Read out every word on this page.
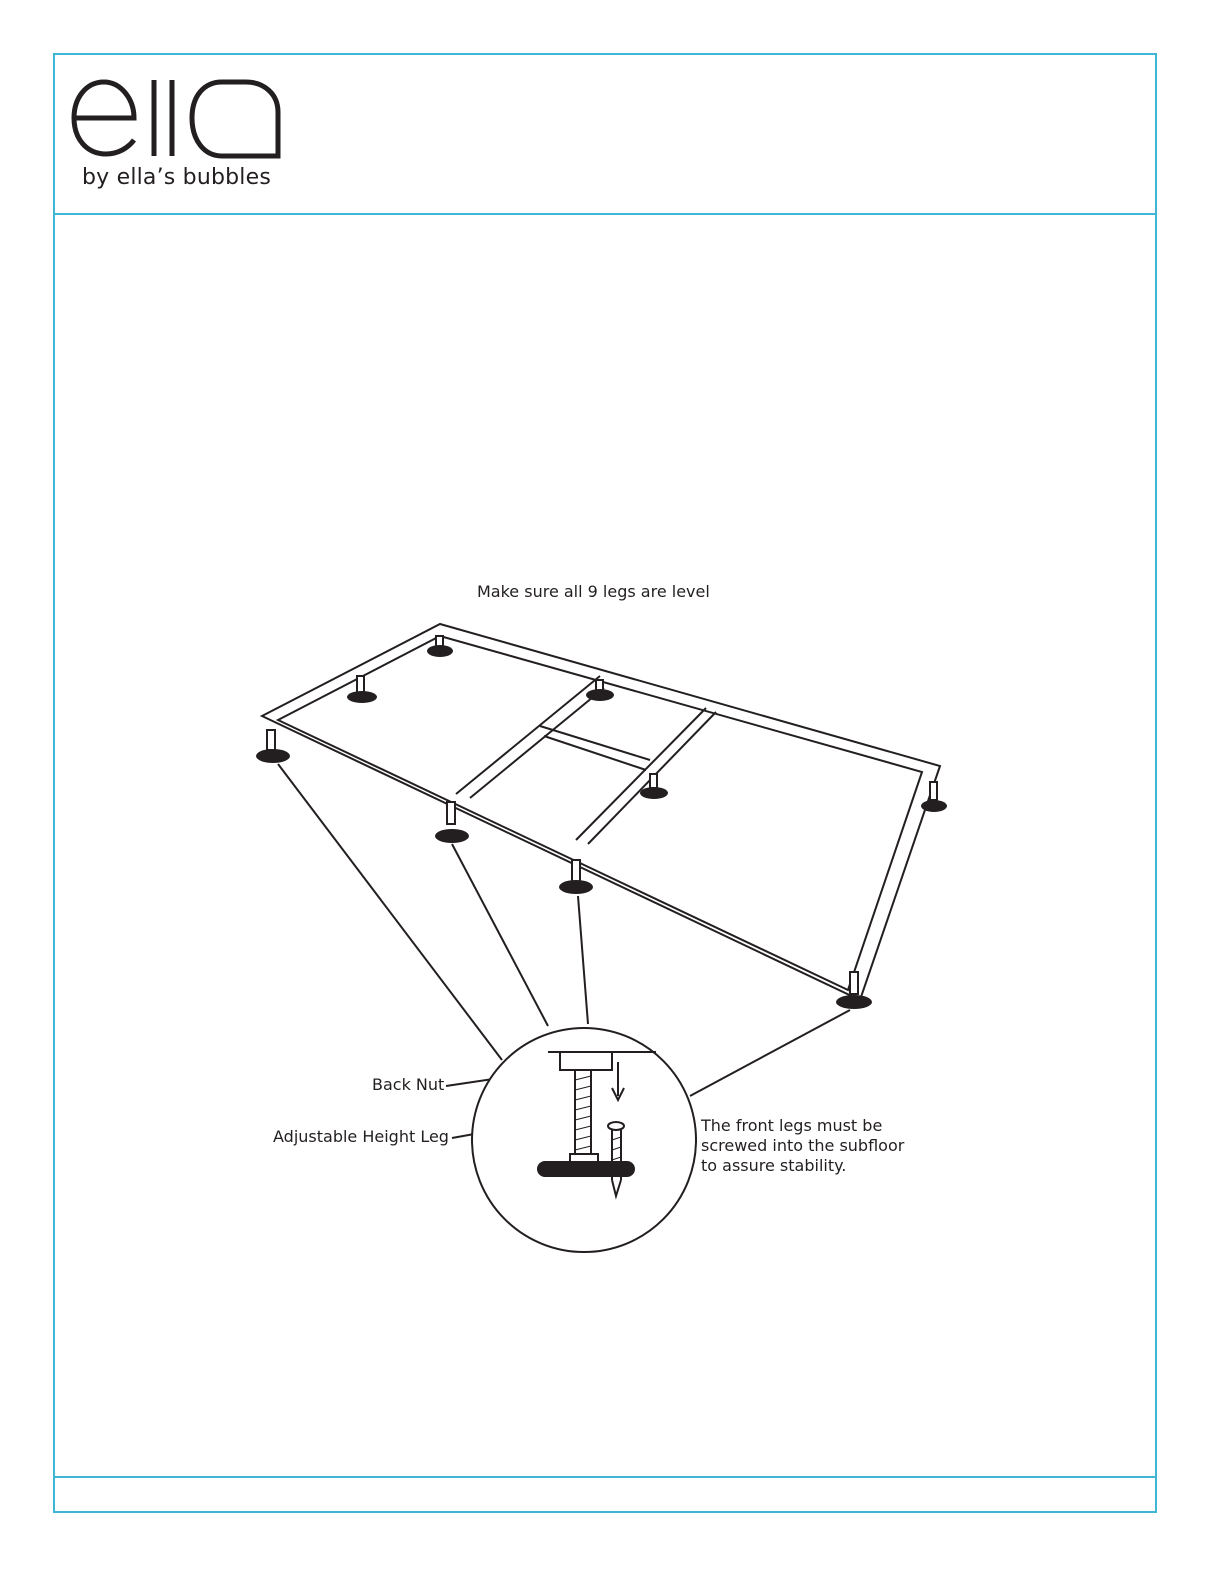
by ella’s bubbles
Make sure all 9 legs are level
Back Nut
Adjustable Height Leg
The front legs must be
screwed into the subfloor
to assure stability.
